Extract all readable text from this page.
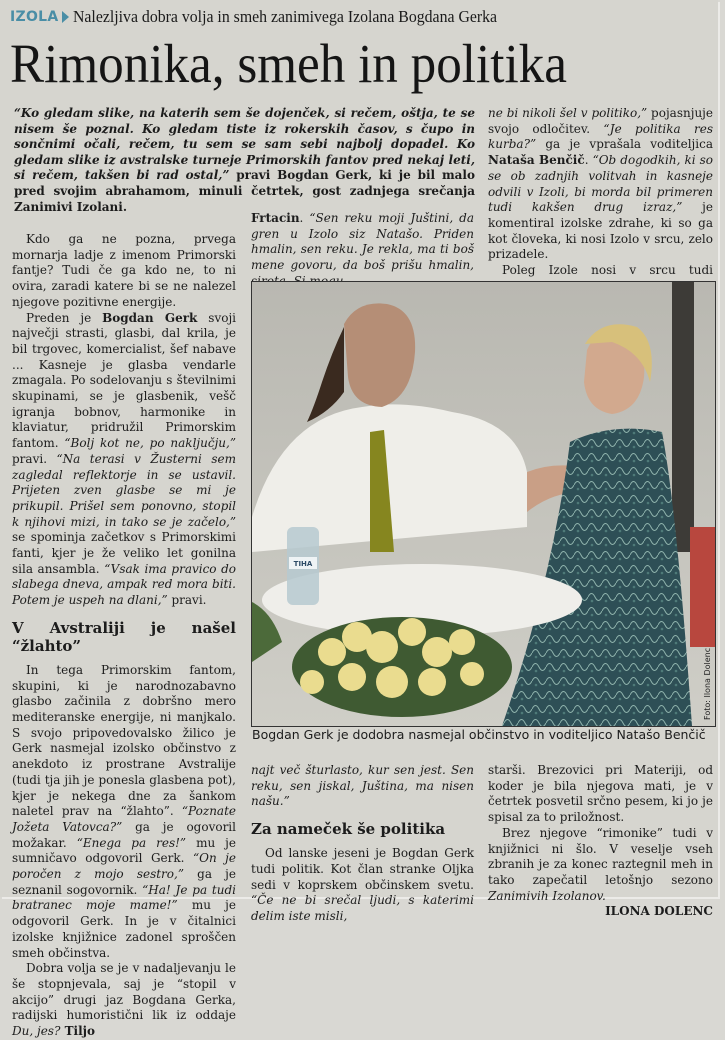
IZOLA Nalezljiva dobra volja in smeh zanimivega Izolana Bogdana Gerka
Rimonika, smeh in politika
“Ko gledam slike, na katerih sem še dojenček, si rečem, oštja, te se nisem še poznal. Ko gledam tiste iz rokerskih časov, s čupo in sončnimi očali, rečem, tu sem se sam sebi najbolj dopadel. Ko gledam slike iz avstralske turneje Primorskih fantov pred nekaj leti, si rečem, takšen bi rad ostal,” pravi Bogdan Gerk, ki je bil malo pred svojim abrahamom, minuli četrtek, gost zadnjega srečanja Zanimivi Izolani.

Kdo ga ne pozna, prvega mornarja ladje z imenom Primorski fantje? Tudi če ga kdo ne, to ni ovira, zaradi katere bi se ne nalezel njegove pozitivne energije.

Preden je Bogdan Gerk svoji največji strasti, glasbi, dal krila, je bil trgovec, komercialist, šef nabave ... Kasneje je glasba vendarle zmagala. Po sodelovanju s številnimi skupinami, se je glasbenik, vešč igranja bobnov, harmonike in klaviatur, pridružil Primorskim fantom. “Bolj kot ne, po naključju,” pravi. “Na terasi v Žusterni sem zagledal reflektorje in se ustavil. Prijeten zven glasbe se mi je prikupil. Prišel sem ponovno, stopil k njihovi mizi, in tako se je začelo,” se spominja začetkov s Primorskimi fanti, kjer je že veliko let gonilna sila ansambla. “Vsak ima pravico do slabega dneva, ampak red mora biti. Potem je uspeh na dlani,” pravi.

V Avstraliji je našel “žlahto”

In tega Primorskim fantom, skupini, ki je narodnozabavno glasbo začinila z dobršno mero mediteranske energije, ni manjkalo. S svojo pripovedovalsko žilico je Gerk nasmejal izolsko občinstvo z anekdoto iz prostrane Avstralije (tudi tja jih je ponesla glasbena pot), kjer je nekega dne za šankom naletel prav na “žlahto”. “Poznate Jožeta Vatovca?” ga je ogovoril možakar. “Enega pa res!” mu je sumničavo odgovoril Gerk. “On je poročen z mojo sestro,” ga je seznanil sogovornik. “Ha! Je pa tudi bratranec moje mame!” mu je odgovoril Gerk. In je v čitalnici izolske knjižnice zadonel sproščen smeh občinstva.

Dobra volja se je v nadaljevanju le še stopnjevala, saj je “stopil v akcijo” drugi jaz Bogdana Gerka, radijski humoristični lik iz oddaje Du, jes? Tiljo

Frtacin. “Sen reku moji Juštini, da gren u Izolo siz Natašo. Priden hmalin, sen reku. Je rekla, ma ti boš mene govoru, da boš prišu hmalin,

ne bi nikoli šel v politiko,” pojasnjuje svojo odločitev. “Je politika res kurba?” ga je vprašala voditeljica Nataša Benčič. “Ob dogodkih, ki so se ob zadnjih volitvah in kasneje odvili v Izoli, bi morda bil primeren tudi kakšen drug izraz,” je komentiral izolske zdrahe, ki so ga kot človeka, ki nosi Izolo v srcu, zelo prizadele.

Poleg Izole nosi v srcu tudi

TIHA
Foto: Ilona Dolenc
Bogdan Gerk je dodobra nasmejal občinstvo in voditeljico Natašo Benčič

najt več šturlasto, kur sen jest. Sen reku, sen jiskal, Juština, ma nisen našu.”

Za nameček še politika

Od lanske jeseni je Bogdan Gerk tudi politik. Kot član stranke Oljka sedi v koprskem občinskem svetu. “Če ne bi srečal ljudi, s katerimi delim iste misli,

starši. Brezovici pri Materiji, od koder je bila njegova mati, je v četrtek posvetil srčno pesem, ki jo je spisal za to priložnost.

Brez njegove “rimonike” tudi v knjižnici ni šlo. V veselje vseh zbranih je za konec raztegnil meh in tako zapečatil letošnjo sezono Zanimivih Izolanov.
ILONA DOLENC
